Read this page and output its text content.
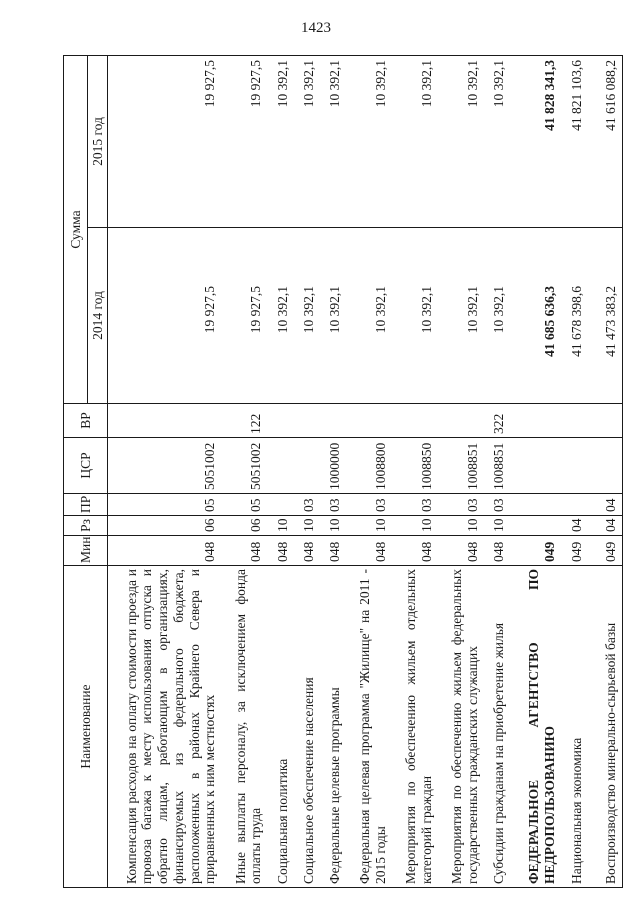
1423
Наименование	Мин	Рз	ПР	ЦСР	ВР	Сумма	
						2014 год	2015 год
Компенсация расходов на оплату стоимости проезда и провоза багажа к месту использования отпуска и обратно лицам, работающим в организациях, финансируемых из федерального бюджета, расположенных в районах Крайнего Севера и приравненных к ним местностях	048	06	05	5051002		19 927,5	19 927,5
Иные выплаты персоналу, за исключением фонда оплаты труда	048	06	05	5051002	122	19 927,5	19 927,5
Социальная политика	048	10				10 392,1	10 392,1
Социальное обеспечение населения	048	10	03			10 392,1	10 392,1
Федеральные целевые программы	048	10	03	1000000		10 392,1	10 392,1
Федеральная целевая программа "Жилище" на 2011 - 2015 годы	048	10	03	1008800		10 392,1	10 392,1
Мероприятия по обеспечению жильем отдельных категорий граждан	048	10	03	1008850		10 392,1	10 392,1
Мероприятия по обеспечению жильем федеральных государственных гражданских служащих	048	10	03	1008851		10 392,1	10 392,1
Субсидии гражданам на приобретение жилья	048	10	03	1008851	322	10 392,1	10 392,1

ФЕДЕРАЛЬНОЕ АГЕНТСТВО ПО НЕДРОПОЛЬЗОВАНИЮ	049					41 685 636,3	41 828 341,3
Национальная экономика	049	04				41 678 398,6	41 821 103,6
Воспроизводство минерально-сырьевой базы	049	04	04			41 473 383,2	41 616 088,2
